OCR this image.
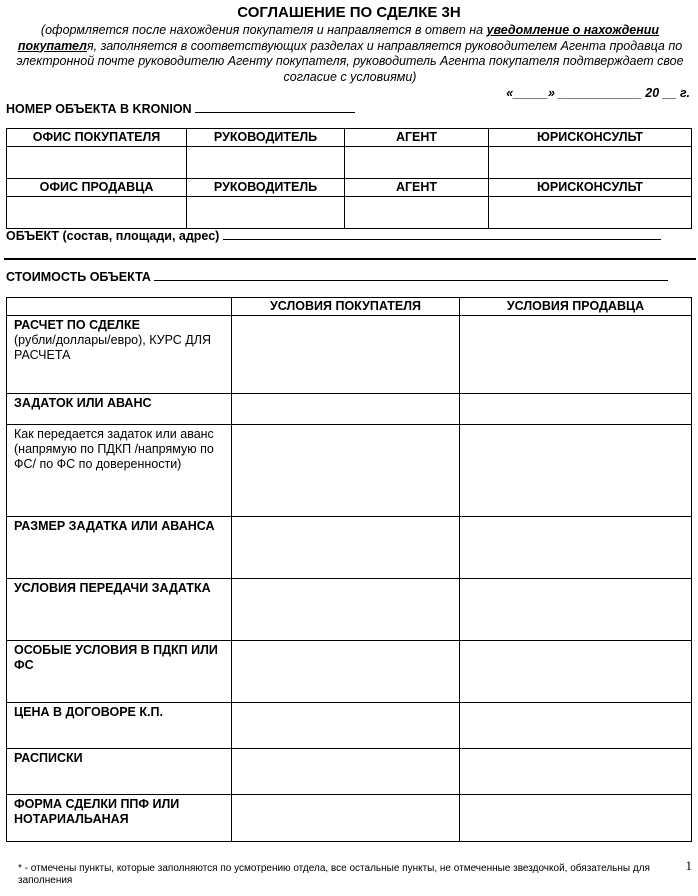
СОГЛАШЕНИЕ ПО СДЕЛКЕ 3Н
(оформляется после нахождения покупателя и направляется в ответ на уведомление о нахождении покупателя, заполняется в соответствующих разделах и направляется руководителем Агента продавца по электронной почте руководителю Агенту покупателя, руководитель Агента покупателя подтверждает свое согласие с условиями)
«_____» ____________ 20 __ г.
НОМЕР ОБЪЕКТА В KRONION
ОФИС ПОКУПАТЕЛЯ	РУКОВОДИТЕЛЬ	АГЕНТ	ЮРИСКОНСУЛЬТ

ОФИС ПРОДАВЦА	РУКОВОДИТЕЛЬ	АГЕНТ	ЮРИСКОНСУЛЬТ

ОБЪЕКТ (состав, площади, адрес)
СТОИМОСТЬ ОБЪЕКТА
	УСЛОВИЯ ПОКУПАТЕЛЯ	УСЛОВИЯ ПРОДАВЦА
РАСЧЕТ ПО СДЕЛКЕ
(рубли/доллары/евро), КУРС ДЛЯ РАСЧЕТА		
ЗАДАТОК ИЛИ АВАНС		
Как передается задаток или аванс (напрямую по ПДКП /напрямую по ФС/ по ФС по доверенности)		
РАЗМЕР ЗАДАТКА ИЛИ АВАНСА		
УСЛОВИЯ ПЕРЕДАЧИ ЗАДАТКА		
ОСОБЫЕ УСЛОВИЯ В ПДКП ИЛИ ФС		
ЦЕНА В ДОГОВОРЕ К.П.		
РАСПИСКИ		
ФОРМА СДЕЛКИ ППФ ИЛИ НОТАРИАЛЬАНАЯ		
* - отмечены пункты, которые заполняются по усмотрению отдела, все остальные пункты, не отмеченные звездочкой, обязательны для заполнения
1
